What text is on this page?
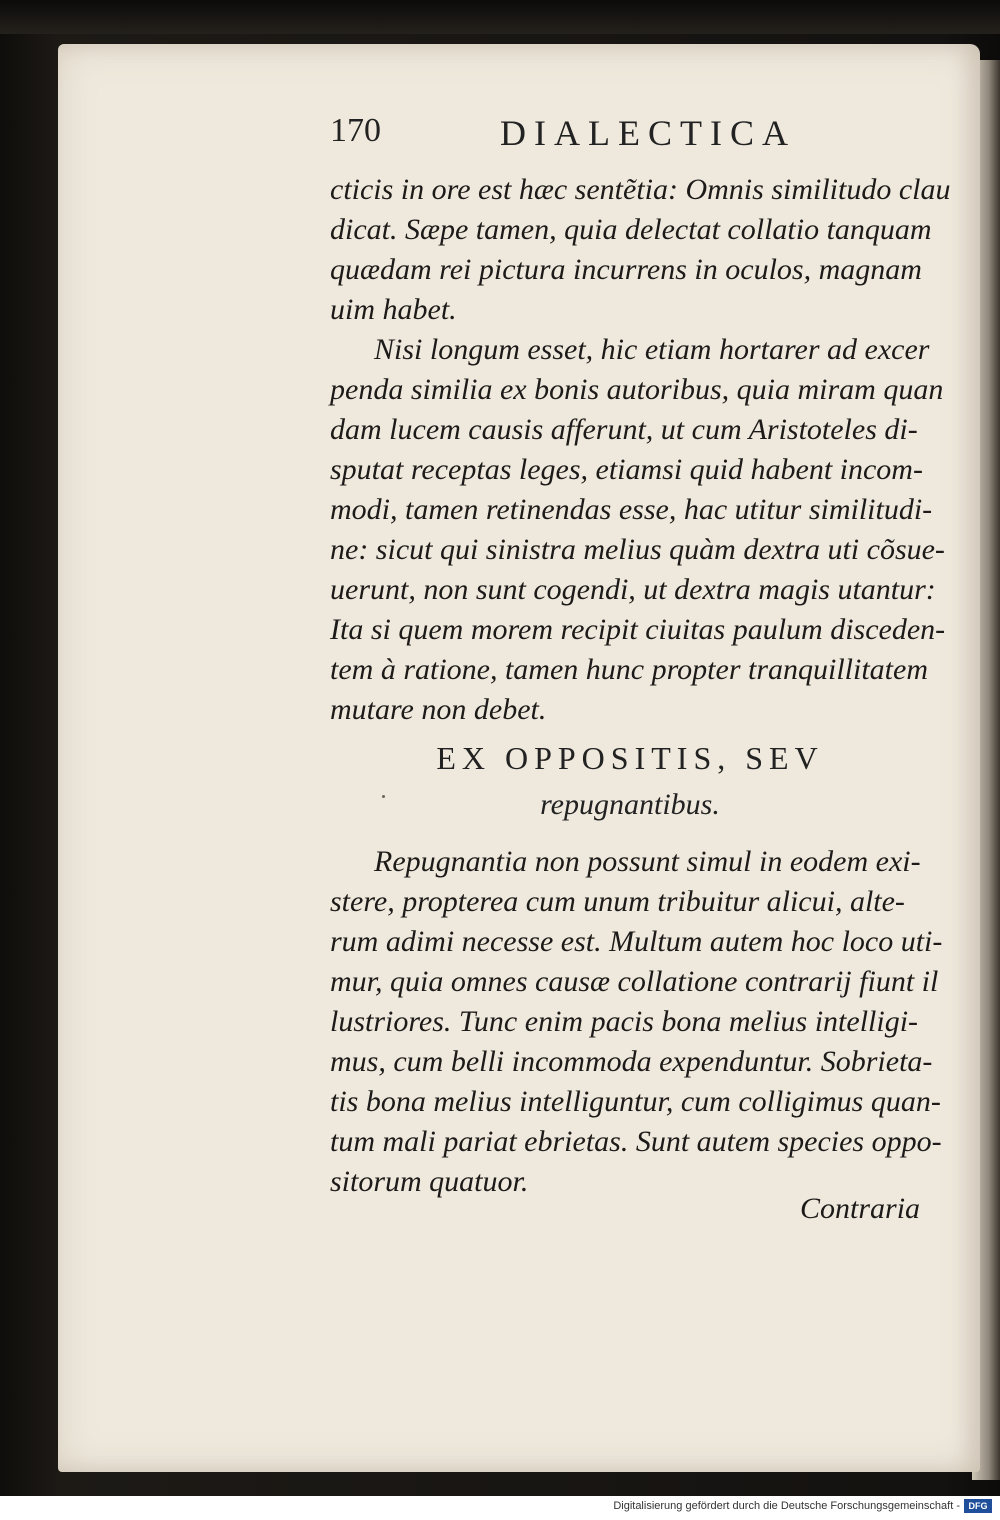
170	DIALECTICA
cticis in ore est hæc sentẽtia: Omnis similitudo clau
dicat. Sæpe tamen, quia delectat collatio tanquam
quædam rei pictura incurrens in oculos, magnam
uim habet.
Nisi longum esset, hic etiam hortarer ad excer
penda similia ex bonis autoribus, quia miram quan
dam lucem causis afferunt, ut cum Aristoteles di-
sputat receptas leges, etiamsi quid habent incom-
modi, tamen retinendas esse, hac utitur similitudi-
ne: sicut qui sinistra melius quàm dextra uti cõsue-
uerunt, non sunt cogendi, ut dextra magis utantur:
Ita si quem morem recipit ciuitas paulum disceden-
tem à ratione, tamen hunc propter tranquillitatem
mutare non debet.
EX OPPOSITIS, SEV
repugnantibus.
Repugnantia non possunt simul in eodem exi-
stere, propterea cum unum tribuitur alicui, alte-
rum adimi necesse est. Multum autem hoc loco uti-
mur, quia omnes causæ collatione contrarij fiunt il
lustriores. Tunc enim pacis bona melius intelligi-
mus, cum belli incommoda expenduntur. Sobrieta-
tis bona melius intelliguntur, cum colligimus quan-
tum mali pariat ebrietas. Sunt autem species oppo-
sitorum quatuor.
Contraria
Digitalisierung gefördert durch die Deutsche Forschungsgemeinschaft - DFG
